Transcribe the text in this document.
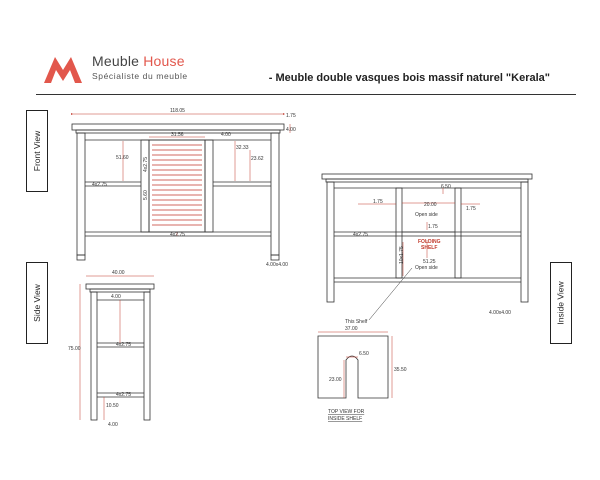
Meuble House
Spécialiste du meuble	- Meuble double vasques bois massif naturel "Kerala"
Front View
Side View	Inside View
118.05
1.75
4.00
31.56	4.00
51.60	4x2.75
5.60
32.33
23.62
4x2.75
4x2.75
4.00x4.00
40.00
4.00
75.00
4x2.75
4x2.75
10.50
4.00
6.50
1.75
1.75
20.00
Open side
1.75
FOLDING
SHELF
51.25
Open side
10x1.75
4x2.75
4.00x4.00
This Shelf
37.00
6.50
23.00
35.50
TOP VIEW FOR
INSIDE SHELF
